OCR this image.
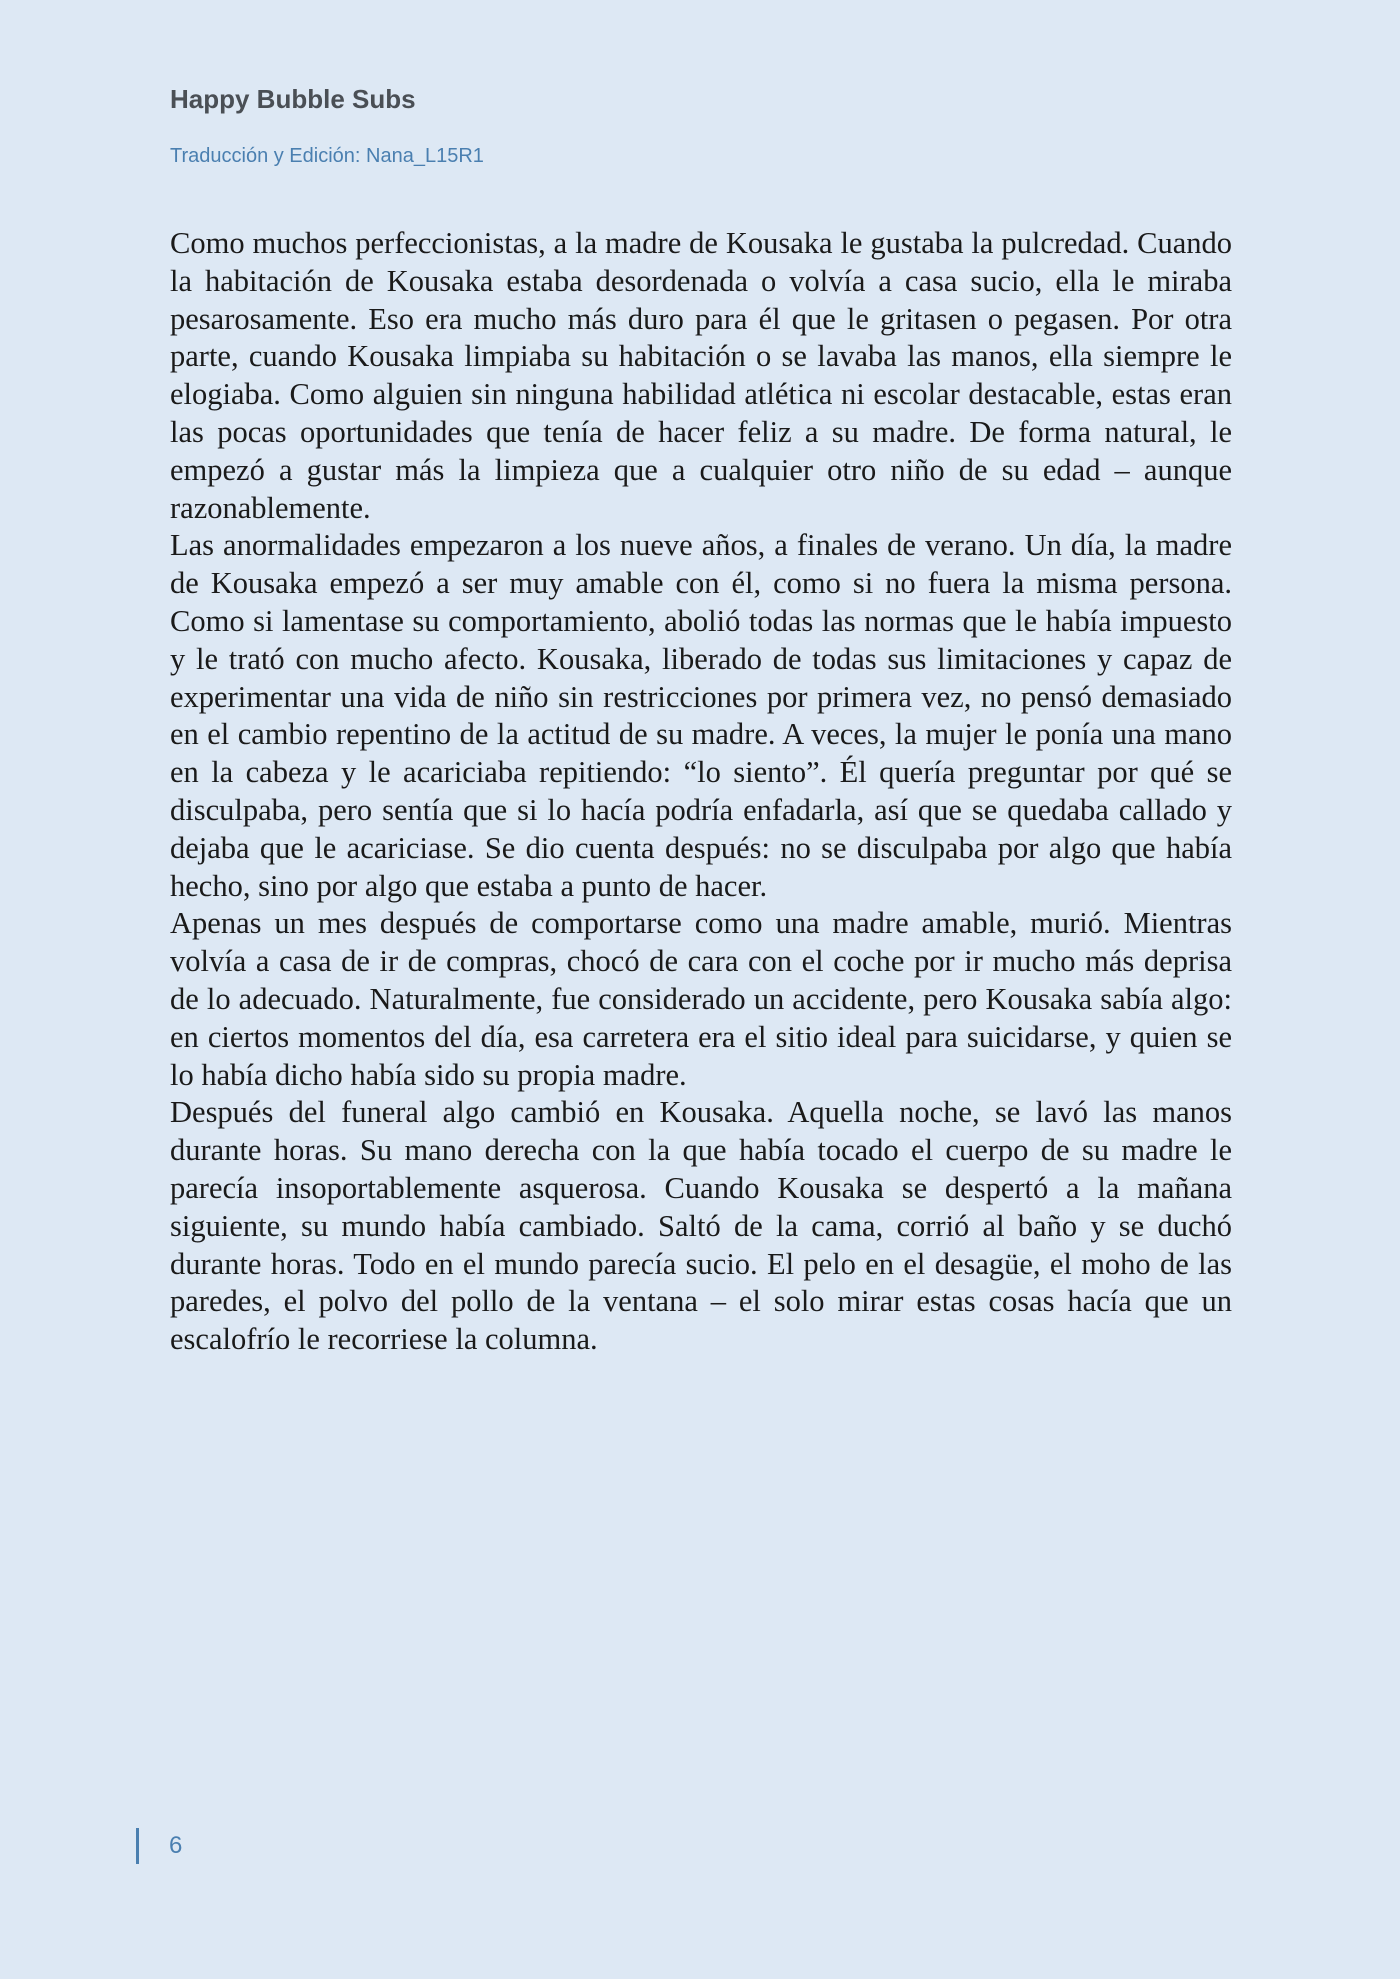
Happy Bubble Subs
Traducción y Edición: Nana_L15R1

Como muchos perfeccionistas, a la madre de Kousaka le gustaba la pulcredad. Cuando la habitación de Kousaka estaba desordenada o volvía a casa sucio, ella le miraba pesarosamente. Eso era mucho más duro para él que le gritasen o pegasen. Por otra parte, cuando Kousaka limpiaba su habitación o se lavaba las manos, ella siempre le elogiaba. Como alguien sin ninguna habilidad atlética ni escolar destacable, estas eran las pocas oportunidades que tenía de hacer feliz a su madre. De forma natural, le empezó a gustar más la limpieza que a cualquier otro niño de su edad – aunque razonablemente.

Las anormalidades empezaron a los nueve años, a finales de verano. Un día, la madre de Kousaka empezó a ser muy amable con él, como si no fuera la misma persona. Como si lamentase su comportamiento, abolió todas las normas que le había impuesto y le trató con mucho afecto. Kousaka, liberado de todas sus limitaciones y capaz de experimentar una vida de niño sin restricciones por primera vez, no pensó demasiado en el cambio repentino de la actitud de su madre. A veces, la mujer le ponía una mano en la cabeza y le acariciaba repitiendo: “lo siento”. Él quería preguntar por qué se disculpaba, pero sentía que si lo hacía podría enfadarla, así que se quedaba callado y dejaba que le acariciase. Se dio cuenta después: no se disculpaba por algo que había hecho, sino por algo que estaba a punto de hacer.

Apenas un mes después de comportarse como una madre amable, murió. Mientras volvía a casa de ir de compras, chocó de cara con el coche por ir mucho más deprisa de lo adecuado. Naturalmente, fue considerado un accidente, pero Kousaka sabía algo: en ciertos momentos del día, esa carretera era el sitio ideal para suicidarse, y quien se lo había dicho había sido su propia madre.

Después del funeral algo cambió en Kousaka. Aquella noche, se lavó las manos durante horas. Su mano derecha con la que había tocado el cuerpo de su madre le parecía insoportablemente asquerosa. Cuando Kousaka se despertó a la mañana siguiente, su mundo había cambiado. Saltó de la cama, corrió al baño y se duchó durante horas. Todo en el mundo parecía sucio. El pelo en el desagüe, el moho de las paredes, el polvo del pollo de la ventana – el solo mirar estas cosas hacía que un escalofrío le recorriese la columna.

6
